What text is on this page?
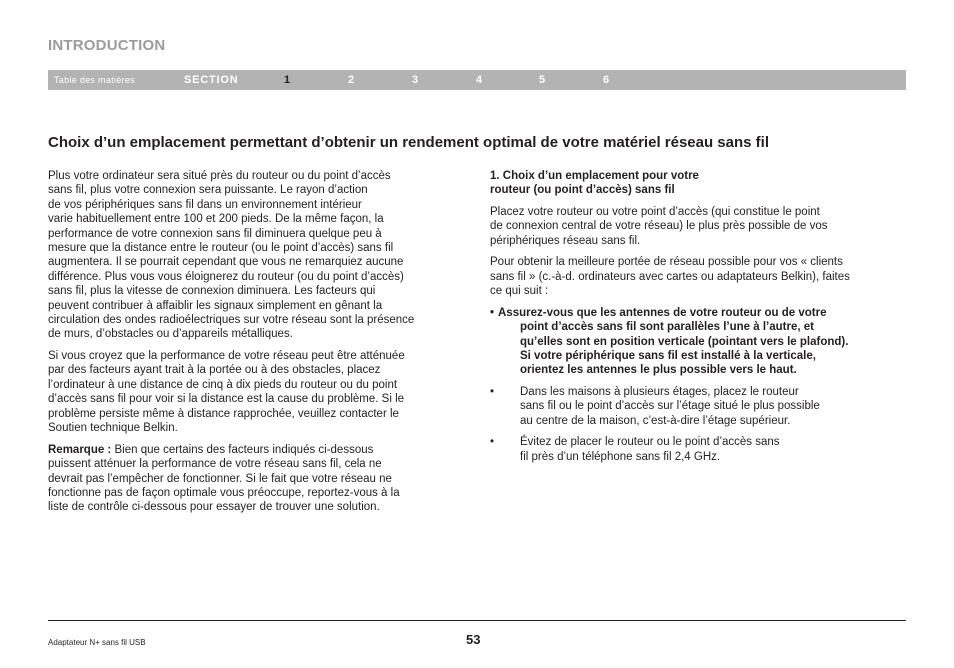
INTRODUCTION
Table des matières	SECTION	1	2	3	4	5	6
Choix d’un emplacement permettant d’obtenir un rendement optimal de votre matériel réseau sans fil

Plus votre ordinateur sera situé près du routeur ou du point d’accès
sans fil, plus votre connexion sera puissante. Le rayon d’action
de vos périphériques sans fil dans un environnement intérieur
varie habituellement entre 100 et 200 pieds. De la même façon, la
performance de votre connexion sans fil diminuera quelque peu à
mesure que la distance entre le routeur (ou le point d’accès) sans fil
augmentera. Il se pourrait cependant que vous ne remarquiez aucune
différence. Plus vous vous éloignerez du routeur (ou du point d’accès)
sans fil, plus la vitesse de connexion diminuera. Les facteurs qui
peuvent contribuer à affaiblir les signaux simplement en gênant la
circulation des ondes radioélectriques sur votre réseau sont la présence
de murs, d’obstacles ou d’appareils métalliques.

Si vous croyez que la performance de votre réseau peut être atténuée
par des facteurs ayant trait à la portée ou à des obstacles, placez
l’ordinateur à une distance de cinq à dix pieds du routeur ou du point
d’accès sans fil pour voir si la distance est la cause du problème. Si le
problème persiste même à distance rapprochée, veuillez contacter le
Soutien technique Belkin.

Remarque : Bien que certains des facteurs indiqués ci-dessous
puissent atténuer la performance de votre réseau sans fil, cela ne
devrait pas l’empêcher de fonctionner. Si le fait que votre réseau ne
fonctionne pas de façon optimale vous préoccupe, reportez-vous à la
liste de contrôle ci-dessous pour essayer de trouver une solution.

1. Choix d’un emplacement pour votre
routeur (ou point d’accès) sans fil

Placez votre routeur ou votre point d’accès (qui constitue le point
de connexion central de votre réseau) le plus près possible de vos
périphériques réseau sans fil.

Pour obtenir la meilleure portée de réseau possible pour vos « clients
sans fil » (c.-à-d. ordinateurs avec cartes ou adaptateurs Belkin), faites
ce qui suit :

• Assurez-vous que les antennes de votre routeur ou de votre
point d’accès sans fil sont parallèles l’une à l’autre, et
qu’elles sont en position verticale (pointant vers le plafond).
Si votre périphérique sans fil est installé à la verticale,
orientez les antennes le plus possible vers le haut.
• Dans les maisons à plusieurs étages, placez le routeur
sans fil ou le point d’accès sur l’étage situé le plus possible
au centre de la maison, c’est-à-dire l’étage supérieur.
• Évitez de placer le routeur ou le point d’accès sans
fil près d’un téléphone sans fil 2,4 GHz.
Adaptateur N+ sans fil USB	53
